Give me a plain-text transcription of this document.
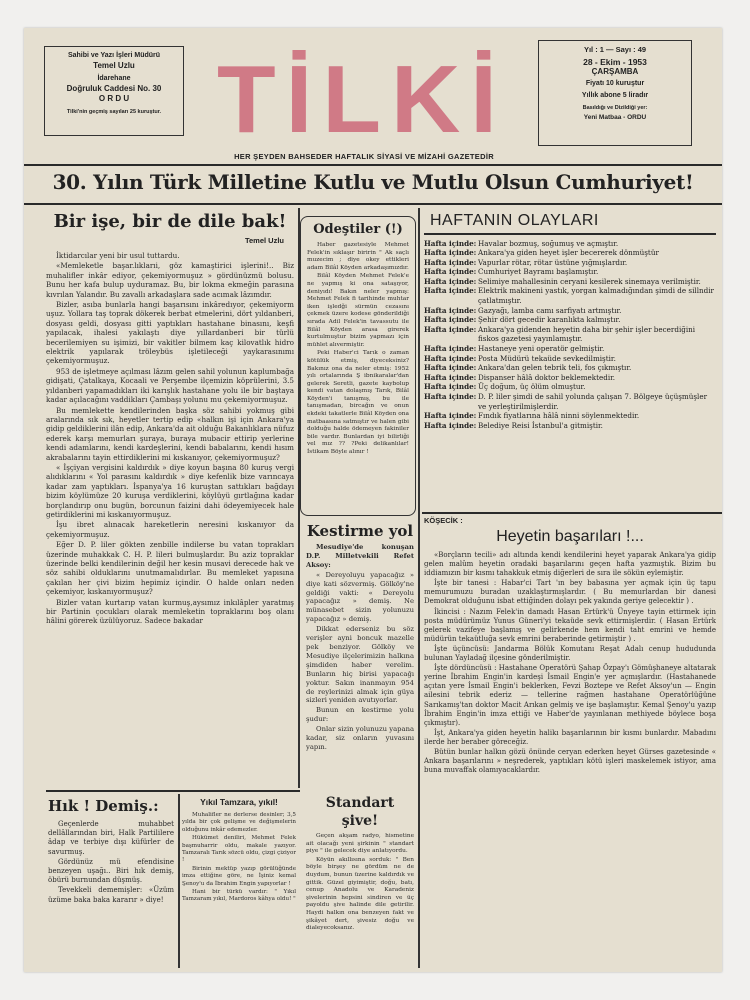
Sahibi ve Yazı İşleri Müdürü
Temel Uzlu
İdarehane
Doğruluk Caddesi No. 30
O R D U
Tilki'nin geçmiş sayıları 25 kuruştur. TİLKİ
HER ŞEYDEN BAHSEDER HAFTALIK SİYASİ VE MİZAHİ GAZETEDİR
Yıl : 1 — Sayı : 49
28 - Ekim - 1953
ÇARŞAMBA
Fiyatı 10 kuruştur
Yıllık abone 5 liradır
Basıldığı ve Dizildiği yer:
Yeni Matbaa - ORDU
30. Yılın Türk Milletine Kutlu ve Mutlu Olsun Cumhuriyet!
Bir işe, bir de dile bak!
Temel Uzlu

İktidarcılar yeni bir usul tuttardu.

«Memleketle başar.lıklarıi, göz kamaştirici işlerini!.. Biz muhalifler inkâr ediyor, çekemiyormuşuz » gördünüzmü bolusu. Bunu her kafa bulup uyduramaz. Bu, bir lokma ekmeğin parasına kıvrılan Yalandır. Bu zavallı arkadaşlara sade acımak lâzımdır.

Bizler, asıba bunlarla hangi başarısını inkâredıyor, çekemiyorm uşuz. Yollara taş toprak dökerek berbat etmelerini, dört yıldanberi, dosyası geldi, dosyası gitti yaptıkları hastahane binasını, keşfi yapılacak, ihalesi yakılaştı diye yıllardanberi bir türlü becerilemiyen su işimizi, bir vakitler bilmem kaç kilovatlık hidro elektrik yapılarak tröleybüs işletileceği yaykarasınımı çekemiyormuşuz.

953 de işletmeye açılması lâzım gelen sahil yolunun kaplumbağa gidişati, Çatalkaya, Kocaali ve Perşembe ilçemizin köprülerini, 3.5 yıldanberi yapamadıkları iki karışlık hastahane yolu ile bir baştaya kadar açılacağını vaddikları Çambaşı yolunu mu çekemiyormuşuz.

Bu memlekette kendilerinden başka söz sahibi yokmuş gibi aralarında sık sık, heyetler tertip edip «halkın işi için Ankara'ya gidip geldiklerini ilân edip, Ankara'da ait olduğu Bakanlıklara nüfuz ederek karşı memurları şuraya, buraya mubacir ettirip yerlerine kendi adamlarını, kendi kardeşlerini, kendi babalarını, kendi hısım akrabalarını tayin ettirdiklerini mi kıskanıyor, çekemiyormuşuz?

« İşçiyan vergisini kaldırdık » diye koyun başına 80 kuruş vergi alıdıklarını « Yol parasını kaldırdık » diye kefenlik bize varıncaya kadar zam yaptıkları. İspanya'ya 16 kuruştan sattıkları bağdayı bizim köylümüze 20 kuruşa verdiklerini, köylüyü gırtlağına kadar borçlandırıp onu bugün, borcunun faizini dahi ödeyemiyecek hale getirdiklerini mi kıskanıyormuşuz.

İşu ibret alınacak hareketlerin neresini kıskanıyor da çekemiyormuşuz.

Eğer D. P. liler gökten zenbille indilerse bu vatan toprakları üzerinde muhakkak C. H. P. lileri bulmuşlardır. Bu aziz topraklar üzerinde belki kendilerinin değil her kesin musavi derecede hak ve söz sahibi olduklarını unutmamalıdırlar. Bu memleket yapısına çakılan her çivi bizim hepimiz içindir. O halde onları neden çekemiyor, kıskanıyormuşuz?

Bizler vatan kurtarıp vatan kurmuş,aysımız inkılâpler yaratmış bir Partinin çocukları olarak memleketin topraklarını boş olanı hâlini görerek üzülüyoruz. Sadece bakadar

Odeştiler (!)

Haber gazetesiyle Mehmet Felek'in sıklaşır biririn " Ak saçlı muzecim ; diye okey ettikleri adam Bilâl Köyden arkadaşımızdır.

Bilâl Köyden Mehmet Felek'e ne yapmış ki ona sataşıyor, deniyıdı! Bakın neler yapmış: Mehmet Felek fi tarihinde muhtar iken işledği sürmün cezasını çekmek üzere kodese gönderildiği sırada Adil Felek'in tavassutu ile Bilâl Köyden arasa girerek kurtulmuştur bizim yapmazı için mühlet alıvermiştir.

Peki Haber'ci Tarık o zaman kötülük etmiş, diyeceksiniz? Bakınız ona da neler etmiş: 1952 yılı ortalarında Ş ibnikaralar'dan gelerek Seretli, gazete kaybolup kendi vatan dolaşmış Tarık, Bilâl Köyden'i tanışmış, bu ile tanışmadan, bircağın ve onun ekdeki takatlerle Bilâl Köyden ona matbaasına satmıştır ve halen gibi dolduğu halde ödemeyen fakiniler bile vardır. Bunlardan iyi bilirliği vel mız ?? ?Peki delikanlılar! İstikam Böyle alınır !

HAFTANIN OLAYLARI
Hafta içinde: Havalar bozmuş, soğumuş ve açmıştır.
Hafta içinde: Ankara'ya giden heyet işler becererek dönmüştür
Hafta içinde: Vapurlar rötar, rötar üstüne yığmışlardır.
Hafta içinde: Cumhuriyet Bayramı başlamıştır.
Hafta içinde: Selimiye mahallesinin ceryani kesilerek sinemaya verilmiştir.
Hafta içinde: Elektrik makineni yastık, yorgan kalmadığından şimdi de sillndir çatlatmıştır.
Hafta içinde: Gazyağı, lamba camı sarfiyatı artmıştır.
Hafta içinde: Şehir dört gecedir karanlıkta kalmıştır.
Hafta içinde: Ankara'ya gidenden heyetin daha bir şehir işler becerdiğini fiskos gazetesi yayınlamıştır.
Hafta içinde: Hastaneye yeni operatör gelmiştir.
Hafta içinde: Posta Müdürü tekaüde sevkedilmiştir.
Hafta içinde: Ankara'dan gelen tebrik teli, fos çıkmıştır.
Hafta içinde: Dispanser hâlâ doktor beklemektedir.
Hafta içinde: Üç doğum, üç ölüm olmuştur.
Hafta içinde: D. P. liler şimdi de sahil yolunda çalışan 7. Bölgeye üçüşmüşler ve yerleştirilmişlerdir.
Hafta içinde: Fındık fiyatlarına hâlâ ninni söylenmektedir.
Hafta içinde: Belediye Reisi İstanbul'a gitmiştir.
Kestirme yol

Mesudiye'de konuşan D.P. Milletvekili Refet Aksoy:

« Dereyoluyu yapacağız » diye kati sözvermiş. Gölköy'ne geldiği vakti: « Dereyolu yapacağız » demiş. Ne münasebet sizin yolunuzu yapacağız » demiş.

Dikkat ederseniz bu söz verişler ayni boncuk mazelle pek benziyor. Gölköy ve Mesudiye ilçelerimizin halkına şimdiden haber verelim. Bunların hiç birisi yapacağı yoktur. Sakın inanmayın 954 de reylerinizi almak için güya sizleri yeniden avutıyorlar.

Bunun en kestirme yolu şudur:

Onlar sizin yolunuzu yapana kadar, siz onların yuvasını yapın.

KÖŞECİK :
Heyetin başarıları !...

«Borçların tecili» adı altında kendi kendilerini heyet yaparak Ankara'ya gidip gelen malûm heyetin oradaki başarılarını geçen hafta yazmıştık. Bizim bu iddiamızın bir kısmı tahakkuk etmiş diğerleri de sıra ile sökün eylemiştir.

İşte bir tanesi : Habar'ci Tart 'ın bey babasına yer açmak için üç tapu memurumuzu buradan uzaklaştırmışlardır. ( Bu memurlardan bir danesi Demokrat olduğunu isbat ettiğinden dolayı pek yakında geriye gelecektir ) .

İkincisi : Nazım Felek'in damadı Hasan Ertürk'ü Ünyeye tayin ettirmek için posta müdürümüz Yunus Güneri'yi tekaüde sevk ettirmişlerdir. ( Hasan Ertürk gelerek vazifeye başlamış ve gelirkende hem kendi taht emrini ve hemde müdürün tekaütluğa sevk emrini beraberinde getirmiştir ) .

İşte üçüncüsü: Jandarma Bölük Komutanı Reşat Adalı cenup hududunda bulunan Yayladağ ilçesine gönderilmiştir.

İşte dördüncüsü : Hastahane Operatörü Şahap Özpay'ı Gömüşhaneye altatarak yerine İbrahim Engin'in kardeşi İsmail Engin'e yer açmışlardır. (Hastahanede açıtan yere İsmail Engin'i beklerken, Fevzi Boztepe ve Refet Aksoy'un — Engin ailesini tebrik ederiz — tellerine rağmen hastahane Operatörlüğüne Sarıkamış'tan doktor Macit Arıkan gelmiş ve işe başlamıştır. Kemal Şenoy'u yazıp İbrahim Engin'in imza ettiği ve Haber'de yayınlanan methiyede böylece boşa çıkmıştır).

İşt, Ankara'ya giden heyetin halikı başarılarının bir kısmı bunlardır. Mabadını ilerde her beraber göreceğiz.

Bütün bunlar halkın gözü önünde ceryan ederken heyet Gürses gazetesinde « Ankara başarılarını » neşrederek, yaptıkları kötü işleri maskelemek istiyor, ama buna muvaffak olamıyacaklardır.

Hık ! Demiş.:

Geçenlerde muhabbet dellâllarından biri, Halk Partililere âdap ve terbiye dışı küfürler de savurmuş.

Gördünüz mü efendisine benzeyen uşağı.. Biri hık demiş, öbürü burnundan düşmüş.

Tevekkeli dememişler: «Üzüm üzüme baka baka kararır » diye!

Yıkıl Tamzara, yıkıl!

Muhalifler ne derlerse desinler; 3,5 yılda bir çok gelişme ve değişmelerin olduğunu inkâr edemezler.

Hükümet deniliri, Mehmet Felek başmuharrir oldu, makale yazıyor. Tamzaralı Tarık sözcü oldu, çizgi çiziyor !

Birinin mektüp yazıp görülüğünde imza ettiğine göre, ne İşiniz kemal Şenoy'u da İbrahim Engin yapıyorlar !

Hani bir türkü vardır: " Yıkıl Tamzaram yıkıl, Mardoros kâhya oldu! "

Standart şive!

Geçen akşam radyo, hismetine ait olacağı yeni şirkinin " standart piye " ile gelecek diye anlatıyordu.

Köyün akıllısına sorduk: " Ben böyle birşey ne gördüm ne de duydum, bunun üzerine kaldırdık ve gittik. Güzel giyimiştir, doğu, batı, cenup Anadolu ve Karadeniz şivelerinin hepsini sindiren ve üç payoldu şive halinde dile getirilir. Haydi halkın ona benzeyen fakt ve şikâyet dert, şivesiz doğu ve dialeyecoksanız.
